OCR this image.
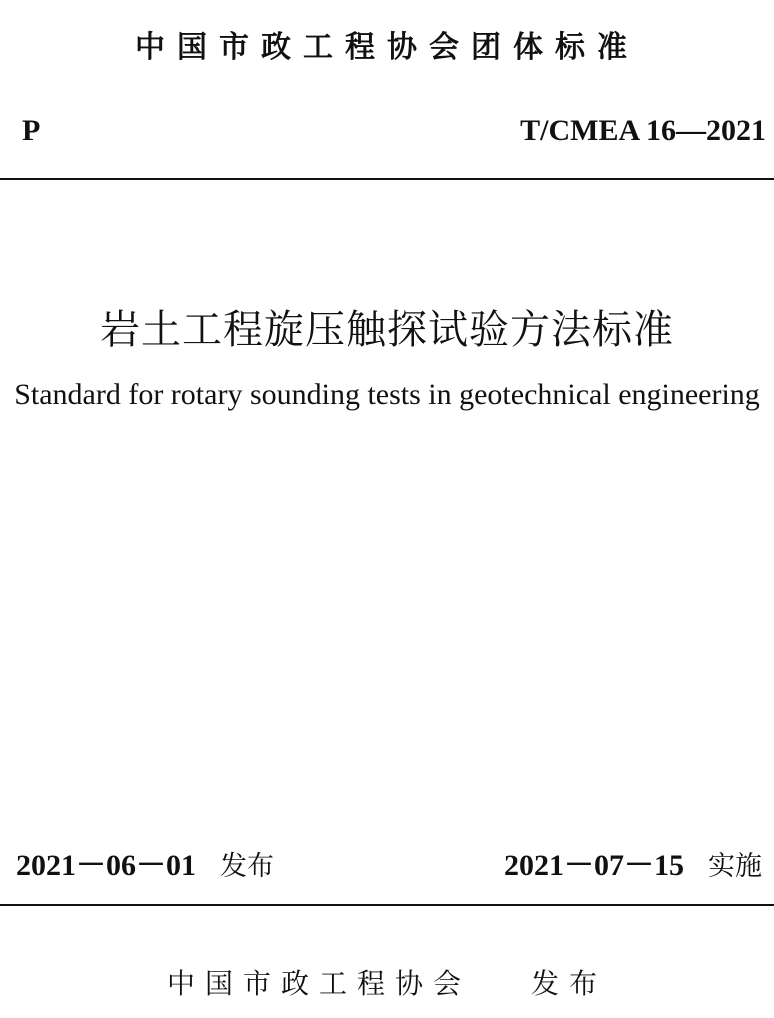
中国市政工程协会团体标准
P	T/CMEA 16—2021
岩土工程旋压触探试验方法标准
Standard for rotary sounding tests in geotechnical engineering
2021－06－01 发布	2021－07－15 实施
中国市政工程协会 发布
